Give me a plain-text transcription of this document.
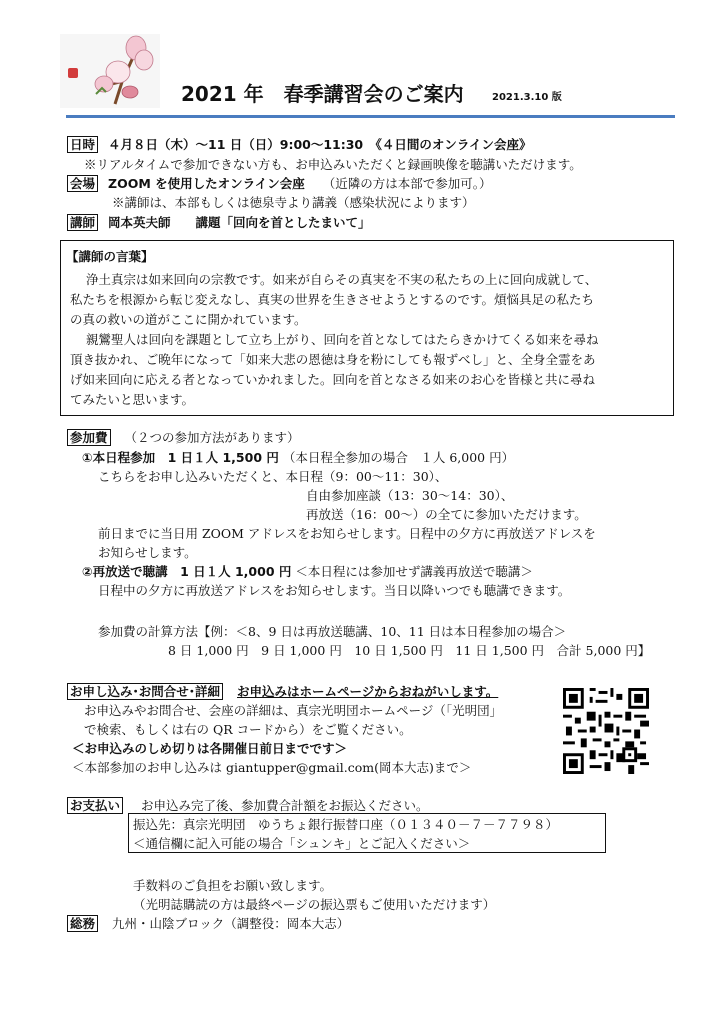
2021 年　春季講習会のご案内	2021.3.10 版
日時 ４月８日（木）～11 日（日）9:00～11:30　《４日間のオンライン会座》
※リアルタイムで参加できない方も、お申込みいただくと録画映像を聴講いただけます。
会場 ZOOM を使用したオンライン会座 （近隣の方は本部で参加可。）
※講師は、本部もしくは徳泉寺より講義（感染状況によります）
講師 岡本英夫師　　講題「回向を首としたまいて」
【講師の言葉】
浄土真宗は如来回向の宗教です。如来が自らその真実を不実の私たちの上に回向成就して、
私たちを根源から転じ変えなし、真実の世界を生きさせようとするのです。煩悩具足の私たち
の真の救いの道がここに開かれています。
親鸞聖人は回向を課題として立ち上がり、回向を首となしてはたらきかけてくる如来を尋ね
頂き抜かれ、ご晩年になって「如来大悲の恩徳は身を粉にしても報ずべし」と、全身全霊をあ
げ如来回向に応える者となっていかれました。回向を首となさる如来のお心を皆様と共に尋ね
てみたいと思います。
参加費 （２つの参加方法があります）
①本日程参加　1 日１人 1,500 円 （本日程全参加の場合　１人 6,000 円）
こちらをお申し込みいただくと、本日程（9：00～11：30）、
自由参加座談（13：30～14：30）、
再放送（16：00～）の全てに参加いただけます。
前日までに当日用 ZOOM アドレスをお知らせします。日程中の夕方に再放送アドレスを
お知らせします。
②再放送で聴講　1 日１人 1,000 円 ＜本日程には参加せず講義再放送で聴講＞
日程中の夕方に再放送アドレスをお知らせします。当日以降いつでも聴講できます。
参加費の計算方法【例：＜8、9 日は再放送聴講、10、11 日は本日程参加の場合＞
8 日 1,000 円　9 日 1,000 円　10 日 1,500 円　11 日 1,500 円　合計 5,000 円】
お申し込み･お問合せ･詳細 お申込みはホームページからおねがいします。
お申込みやお問合せ、会座の詳細は、真宗光明団ホームページ（「光明団」
で検索、もしくは右の QR コードから）をご覧ください。
＜お申込みのしめ切りは各開催日前日までです＞
＜本部参加のお申し込みは giantupper@gmail.com(岡本大志)まで＞
お支払い お申込み完了後、参加費合計額をお振込ください。
振込先：真宗光明団　ゆうちょ銀行振替口座（０１３４０－７－７７９８）
＜通信欄に記入可能の場合「シュンキ」とご記入ください＞
手数料のご負担をお願い致します。
（光明誌購読の方は最終ページの振込票もご使用いただけます）
総務 九州・山陰ブロック（調整役：岡本大志）
